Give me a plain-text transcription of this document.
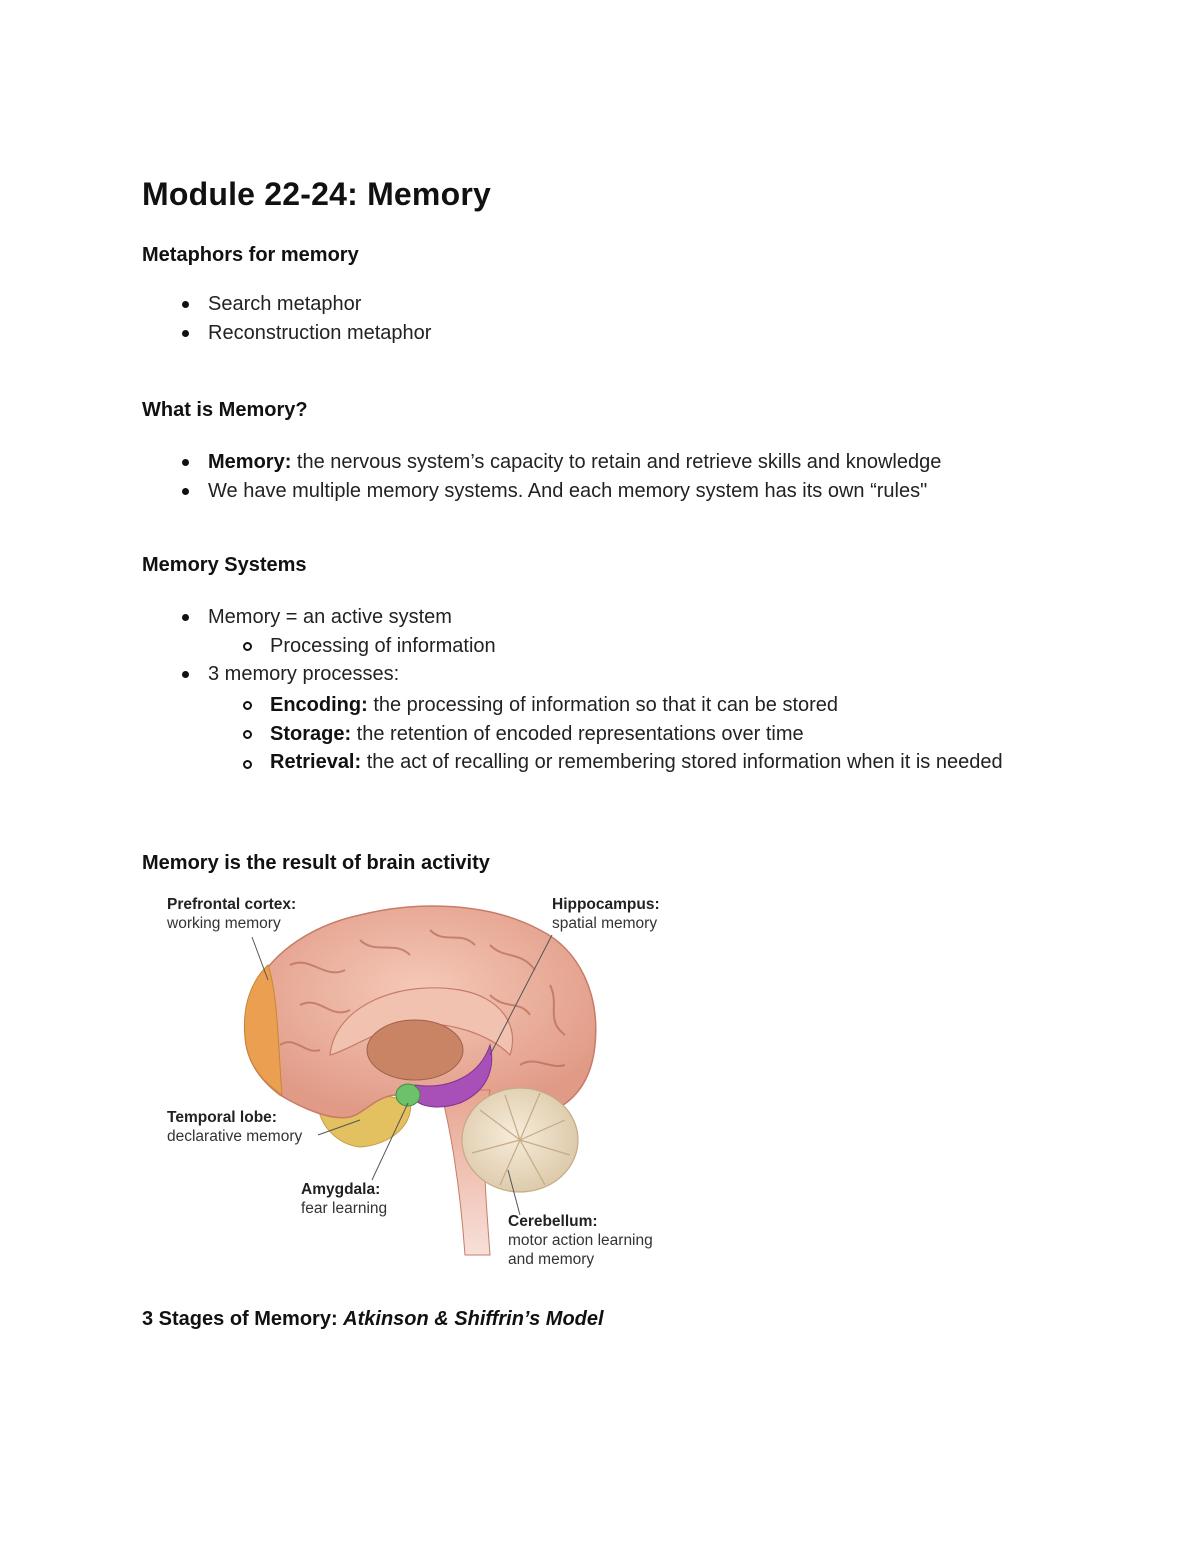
Module 22-24: Memory
Metaphors for memory
Search metaphor
Reconstruction metaphor
What is Memory?
Memory: the nervous system’s capacity to retain and retrieve skills and knowledge
We have multiple memory systems. And each memory system has its own “rules"
Memory Systems
Memory = an active system
Processing of information
3 memory processes:
Encoding: the processing of information so that it can be stored
Storage: the retention of encoded representations over time
Retrieval: the act of recalling or remembering stored information when it is needed
Memory is the result of brain activity
Prefrontal cortex:
working memory
Hippocampus:
spatial memory
Temporal lobe:
declarative memory
Amygdala:
fear learning
Cerebellum:
motor action learning
and memory
3 Stages of Memory: Atkinson & Shiffrin’s Model
